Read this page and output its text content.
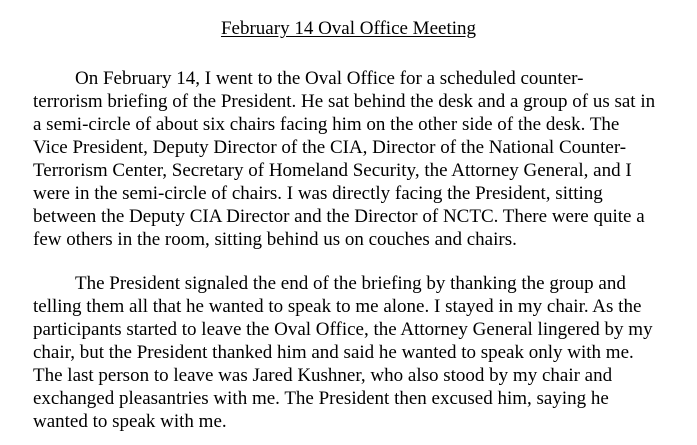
February 14 Oval Office Meeting
On February 14, I went to the Oval Office for a scheduled counter-
terrorism briefing of the President. He sat behind the desk and a group of us sat in
a semi-circle of about six chairs facing him on the other side of the desk. The
Vice President, Deputy Director of the CIA, Director of the National Counter-
Terrorism Center, Secretary of Homeland Security, the Attorney General, and I
were in the semi-circle of chairs. I was directly facing the President, sitting
between the Deputy CIA Director and the Director of NCTC. There were quite a
few others in the room, sitting behind us on couches and chairs.
The President signaled the end of the briefing by thanking the group and
telling them all that he wanted to speak to me alone. I stayed in my chair. As the
participants started to leave the Oval Office, the Attorney General lingered by my
chair, but the President thanked him and said he wanted to speak only with me.
The last person to leave was Jared Kushner, who also stood by my chair and
exchanged pleasantries with me. The President then excused him, saying he
wanted to speak with me.
